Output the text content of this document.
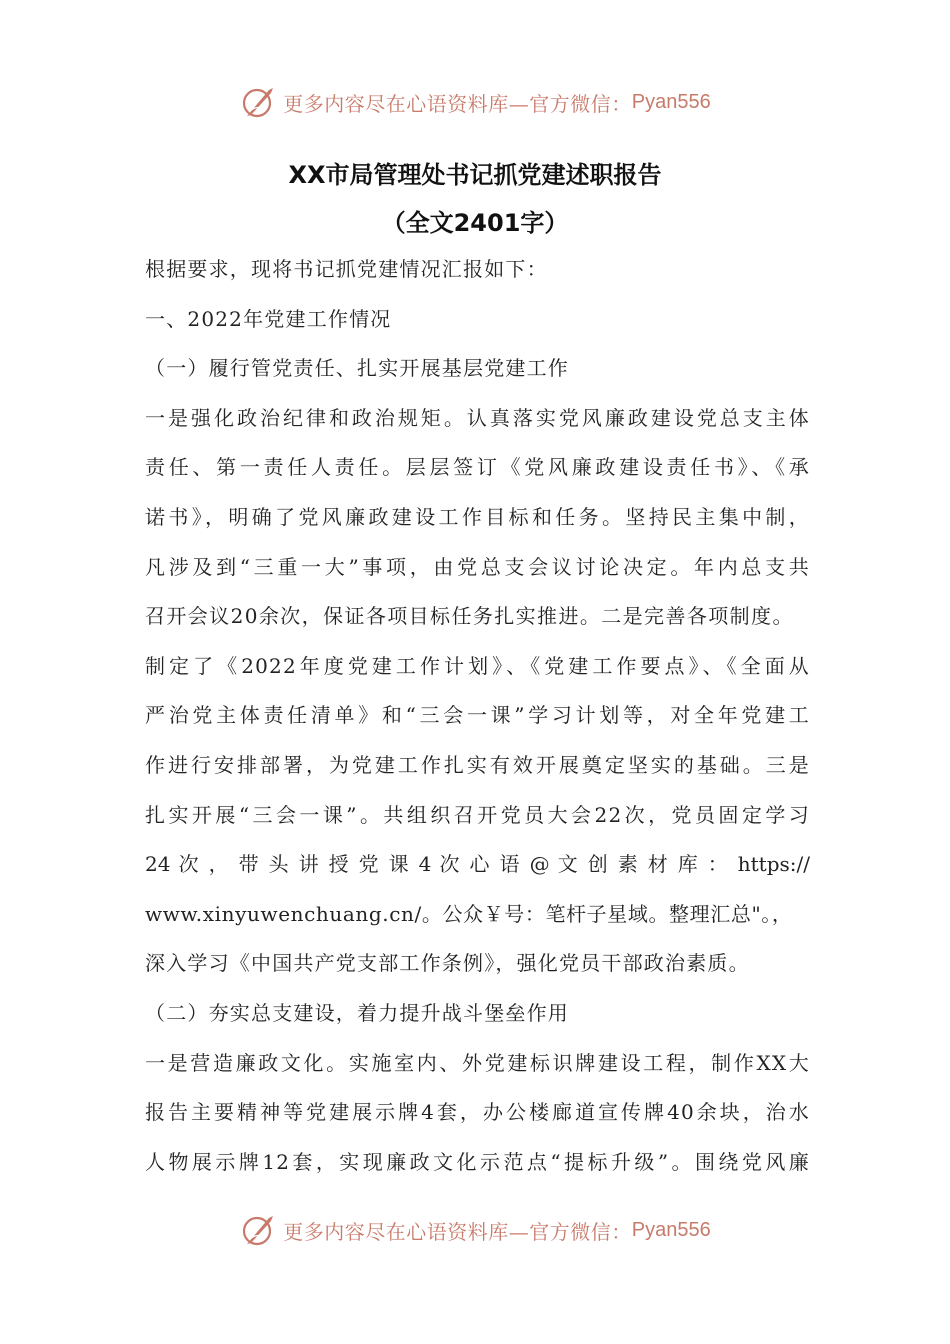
更多内容尽在心语资料库—官方微信： Pyan556
XX市局管理处书记抓党建述职报告
（全文2401字）
根据要求，现将书记抓党建情况汇报如下：
一、2022年党建工作情况
（一）履行管党责任、扎实开展基层党建工作
一是强化政治纪律和政治规矩。认真落实党风廉政建设党总支主体
责任、第一责任人责任。层层签订《党风廉政建设责任书》、《承
诺书》，明确了党风廉政建设工作目标和任务。坚持民主集中制，
凡涉及到“三重一大”事项，由党总支会议讨论决定。年内总支共
召开会议20余次，保证各项目标任务扎实推进。二是完善各项制度。
制定了《2022年度党建工作计划》、《党建工作要点》、《全面从
严治党主体责任清单》和“三会一课”学习计划等，对全年党建工
作进行安排部署，为党建工作扎实有效开展奠定坚实的基础。三是
扎实开展“三会一课”。共组织召开党员大会22次，党员固定学习
24 次 ， 带 头 讲 授 党 课 4 次 心 语 @ 文 创 素 材 库 ： https://
www.xinyuwenchuang.cn/。公众￥号：笔杆子星域。整理汇总"。，
深入学习《中国共产党支部工作条例》，强化党员干部政治素质。
（二）夯实总支建设，着力提升战斗堡垒作用
一是营造廉政文化。实施室内、外党建标识牌建设工程，制作XX大
报告主要精神等党建展示牌4套，办公楼廊道宣传牌40余块，治水
人物展示牌12套，实现廉政文化示范点“提标升级”。围绕党风廉
更多内容尽在心语资料库—官方微信： Pyan556
